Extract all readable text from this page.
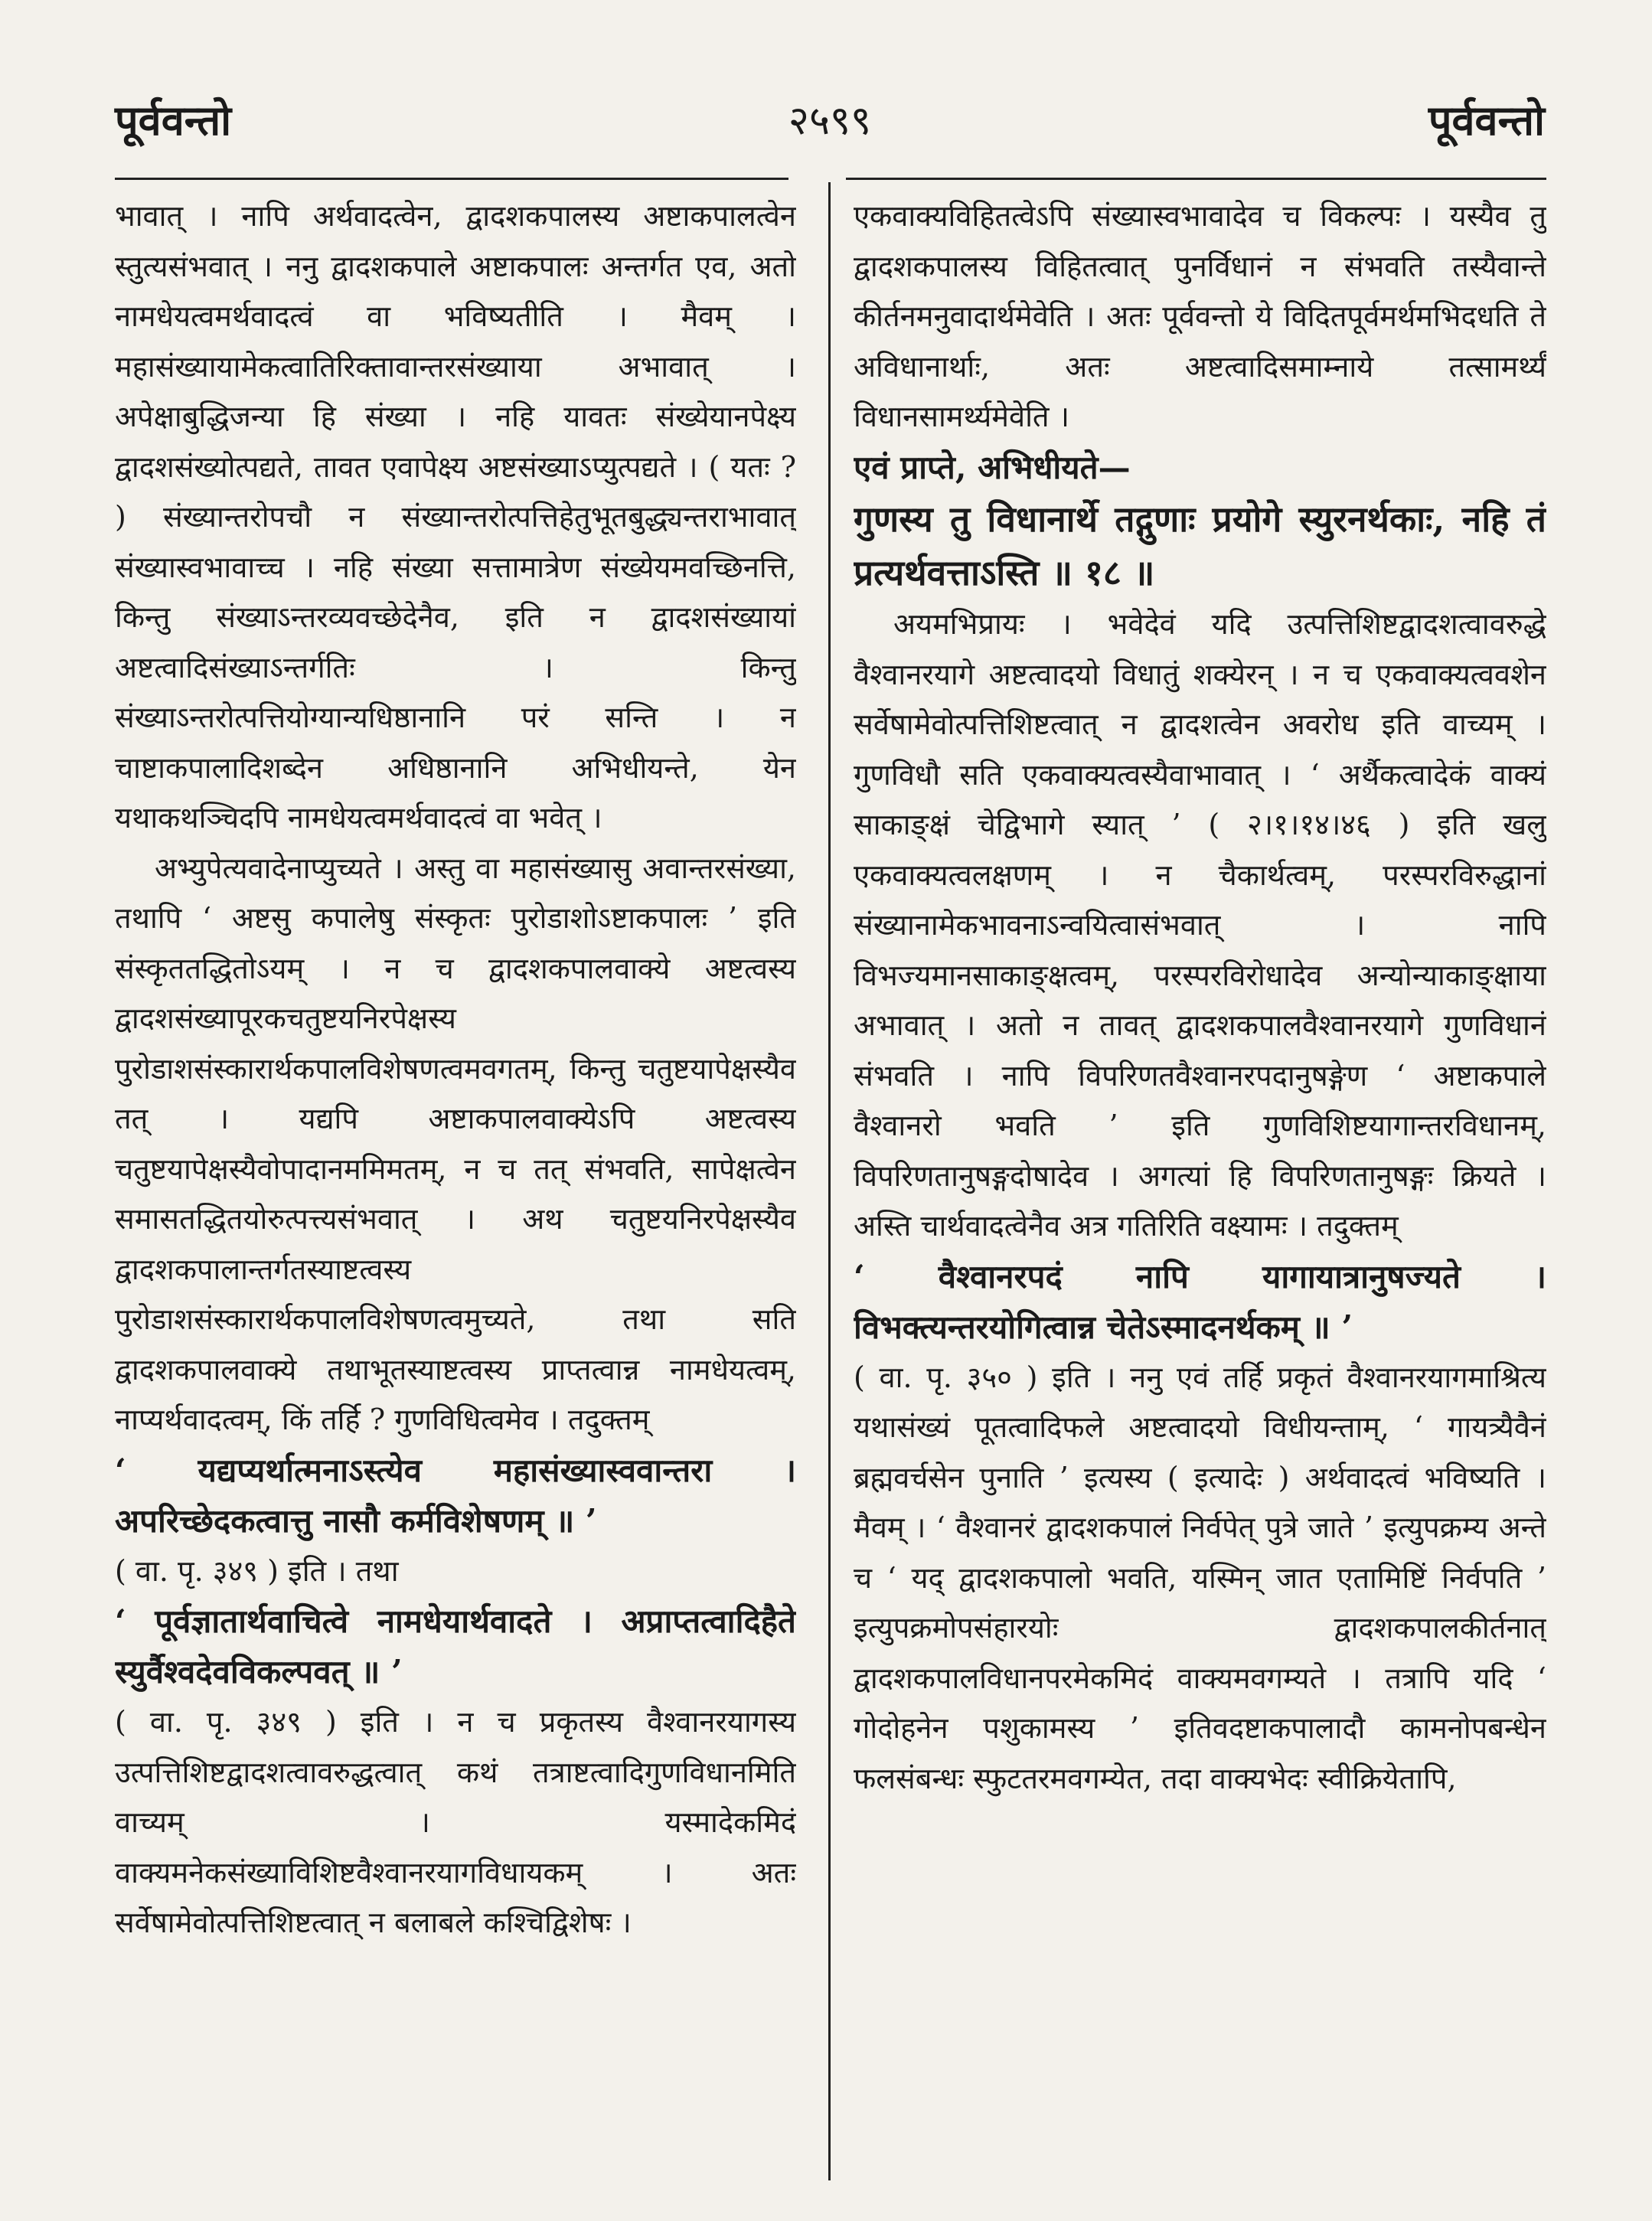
पूर्ववन्तो	२५९९	पूर्ववन्तो

भावात् । नापि अर्थवादत्वेन, द्वादशकपालस्य अष्टाकपालत्वेन स्तुत्यसंभवात् । ननु द्वादशकपाले अष्टाकपालः अन्तर्गत एव, अतो नामधेयत्वमर्थवादत्वं वा भविष्यतीति । मैवम् । महासंख्यायामेकत्वातिरिक्तावान्तरसंख्याया अभावात् । अपेक्षाबुद्धिजन्या हि संख्या । नहि यावतः संख्येयानपेक्ष्य द्वादशसंख्योत्पद्यते, तावत एवापेक्ष्य अष्टसंख्याऽप्युत्पद्यते । ( यतः ? ) संख्यान्तरोपचौ न संख्यान्तरोत्पत्तिहेतुभूतबुद्ध्यन्तराभावात् संख्यास्वभावाच्च । नहि संख्या सत्तामात्रेण संख्येयमवच्छिनत्ति, किन्तु संख्याऽन्तरव्यवच्छेदेनैव, इति न द्वादशसंख्यायां अष्टत्वादिसंख्याऽन्तर्गतिः । किन्तु संख्याऽन्तरोत्पत्तियोग्यान्यधिष्ठानानि परं सन्ति । न चाष्टाकपालादिशब्देन अधिष्ठानानि अभिधीयन्ते, येन यथाकथञ्चिदपि नामधेयत्वमर्थवादत्वं वा भवेत् ।

अभ्युपेत्यवादेनाप्युच्यते । अस्तु वा महासंख्यासु अवान्तरसंख्या, तथापि ‘ अष्टसु कपालेषु संस्कृतः पुरोडाशोऽष्टाकपालः ’ इति संस्कृततद्धितोऽयम् । न च द्वादशकपालवाक्ये अष्टत्वस्य द्वादशसंख्यापूरकचतुष्टयनिरपेक्षस्य पुरोडाशसंस्कारार्थकपालविशेषणत्वमवगतम्, किन्तु चतुष्टयापेक्षस्यैव तत् । यद्यपि अष्टाकपालवाक्येऽपि अष्टत्वस्य चतुष्टयापेक्षस्यैवोपादानममिमतम्, न च तत् संभवति, सापेक्षत्वेन समासतद्धितयोरुत्पत्त्यसंभवात् । अथ चतुष्टयनिरपेक्षस्यैव द्वादशकपालान्तर्गतस्याष्टत्वस्य पुरोडाशसंस्कारार्थकपालविशेषणत्वमुच्यते, तथा सति द्वादशकपालवाक्ये तथाभूतस्याष्टत्वस्य प्राप्तत्वान्न नामधेयत्वम्, नाप्यर्थवादत्वम्, किं तर्हि ? गुणविधित्वमेव । तदुक्तम्

‘ यद्यप्यर्थात्मनाऽस्त्येव महासंख्यास्ववान्तरा । अपरिच्छेदकत्वात्तु नासौ कर्मविशेषणम् ॥ ’

( वा. पृ. ३४९ ) इति । तथा

‘ पूर्वज्ञातार्थवाचित्वे नामधेयार्थवादते । अप्राप्तत्वादिहैते स्युर्वैश्वदेवविकल्पवत् ॥ ’

( वा. पृ. ३४९ ) इति । न च प्रकृतस्य वैश्वानरयागस्य उत्पत्तिशिष्टद्वादशत्वावरुद्धत्वात् कथं तत्राष्टत्वादिगुणविधानमिति वाच्यम् । यस्मादेकमिदं वाक्यमनेकसंख्याविशिष्टवैश्वानरयागविधायकम् । अतः सर्वेषामेवोत्पत्तिशिष्टत्वात् न बलाबले कश्चिद्विशेषः ।

एकवाक्यविहितत्वेऽपि संख्यास्वभावादेव च विकल्पः । यस्यैव तु द्वादशकपालस्य विहितत्वात् पुनर्विधानं न संभवति तस्यैवान्ते कीर्तनमनुवादार्थमेवेति । अतः पूर्ववन्तो ये विदितपूर्वमर्थमभिदधति ते अविधानार्थाः, अतः अष्टत्वादिसमाम्नाये तत्सामर्थ्यं विधानसामर्थ्यमेवेति ।

एवं प्राप्ते, अभिधीयते—

गुणस्य तु विधानार्थे तद्गुणाः प्रयोगे स्युरनर्थकाः, नहि तं प्रत्यर्थवत्ताऽस्ति ॥ १८ ॥

अयमभिप्रायः । भवेदेवं यदि उत्पत्तिशिष्टद्वादशत्वावरुद्धे वैश्वानरयागे अष्टत्वादयो विधातुं शक्येरन् । न च एकवाक्यत्ववशेन सर्वेषामेवोत्पत्तिशिष्टत्वात् न द्वादशत्वेन अवरोध इति वाच्यम् । गुणविधौ सति एकवाक्यत्वस्यैवाभावात् । ‘ अर्थैकत्वादेकं वाक्यं साकाङ्क्षं चेद्विभागे स्यात् ’ ( २।१।१४।४६ ) इति खलु एकवाक्यत्वलक्षणम् । न चैकार्थत्वम्, परस्परविरुद्धानां संख्यानामेकभावनाऽन्वयित्वासंभवात् । नापि विभज्यमानसाकाङ्क्षत्वम्, परस्परविरोधादेव अन्योन्याकाङ्क्षाया अभावात् । अतो न तावत् द्वादशकपालवैश्वानरयागे गुणविधानं संभवति । नापि विपरिणतवैश्वानरपदानुषङ्गेण ‘ अष्टाकपाले वैश्वानरो भवति ’ इति गुणविशिष्टयागान्तरविधानम्, विपरिणतानुषङ्गदोषादेव । अगत्यां हि विपरिणतानुषङ्गः क्रियते । अस्ति चार्थवादत्वेनैव अत्र गतिरिति वक्ष्यामः । तदुक्तम्

‘ वैश्वानरपदं नापि यागायात्रानुषज्यते । विभक्त्यन्तरयोगित्वान्न चेतेऽस्मादनर्थकम् ॥ ’

( वा. पृ. ३५० ) इति । ननु एवं तर्हि प्रकृतं वैश्वानरयागमाश्रित्य यथासंख्यं पूतत्वादिफले अष्टत्वादयो विधीयन्ताम्, ‘ गायत्र्यैवैनं ब्रह्मवर्चसेन पुनाति ’ इत्यस्य ( इत्यादेः ) अर्थवादत्वं भविष्यति । मैवम् । ‘ वैश्वानरं द्वादशकपालं निर्वपेत् पुत्रे जाते ’ इत्युपक्रम्य अन्ते च ‘ यद् द्वादशकपालो भवति, यस्मिन् जात एतामिष्टिं निर्वपति ’ इत्युपक्रमोपसंहारयोः द्वादशकपालकीर्तनात् द्वादशकपालविधानपरमेकमिदं वाक्यमवगम्यते । तत्रापि यदि ‘ गोदोहनेन पशुकामस्य ’ इतिवदष्टाकपालादौ कामनोपबन्धेन फलसंबन्धः स्फुटतरमवगम्येत, तदा वाक्यभेदः स्वीक्रियेतापि,
